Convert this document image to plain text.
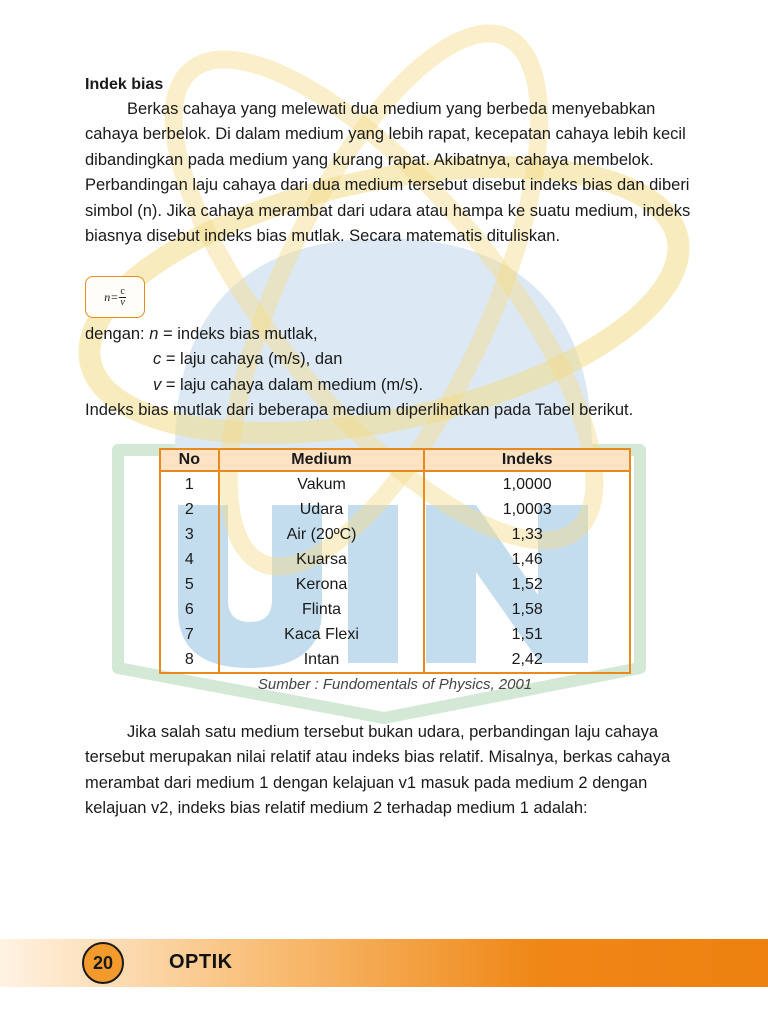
Indek bias

Berkas cahaya yang melewati dua medium yang berbeda menyebabkan cahaya berbelok. Di dalam medium yang lebih rapat, kecepatan cahaya lebih kecil dibandingkan pada medium yang kurang rapat. Akibatnya, cahaya membelok. Perbandingan laju cahaya dari dua medium tersebut disebut indeks bias dan diberi simbol (n). Jika cahaya merambat dari udara atau hampa ke suatu medium, indeks biasnya disebut indeks bias mutlak. Secara matematis dituliskan.

$n= \frac{c}{v}$
dengan: n = indeks bias mutlak,
c = laju cahaya (m/s), dan
v = laju cahaya dalam medium (m/s).
Indeks bias mutlak dari beberapa medium diperlihatkan pada Tabel berikut.
No	Medium	Indeks
1	Vakum	1,0000
2	Udara	1,0003
3	Air (20ºC)	1,33
4	Kuarsa	1,46
5	Kerona	1,52
6	Flinta	1,58
7	Kaca Flexi	1,51
8	Intan	2,42
Sumber : Fundomentals of Physics, 2001

Jika salah satu medium tersebut bukan udara, perbandingan laju cahaya tersebut merupakan nilai relatif atau indeks bias relatif. Misalnya, berkas cahaya merambat dari medium 1 dengan kelajuan v1 masuk pada medium 2 dengan kelajuan v2, indeks bias relatif medium 2 terhadap medium 1 adalah:

20	OPTIK
